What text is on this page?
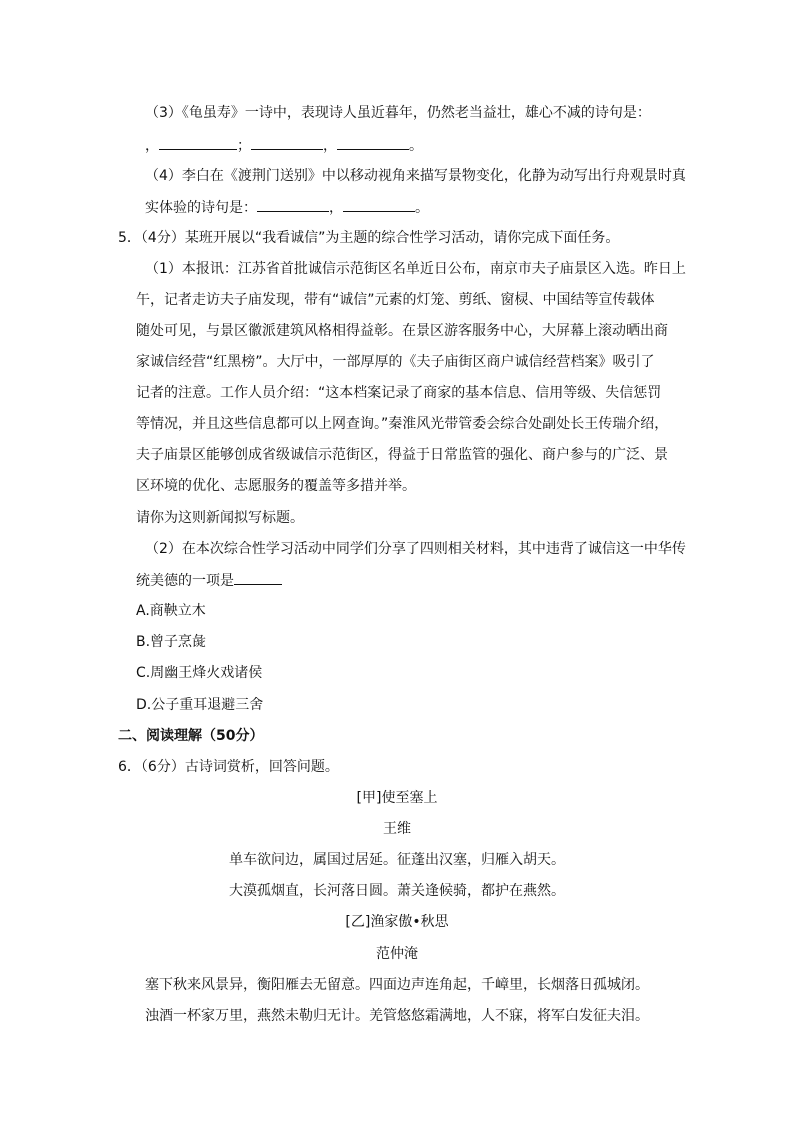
（3）《龟虽寿》一诗中，表现诗人虽近暮年，仍然老当益壮，雄心不减的诗句是：
，	；	，	。
（4）李白在《渡荆门送别》中以移动视角来描写景物变化，化静为动写出行舟观景时真
实体验的诗句是：	，	。
5．（4分）某班开展以“我看诚信”为主题的综合性学习活动，请你完成下面任务。
（1）本报讯：江苏省首批诚信示范街区名单近日公布，南京市夫子庙景区入选。昨日上
午，记者走访夫子庙发现，带有“诚信”元素的灯笼、剪纸、窗棂、中国结等宣传载体
随处可见，与景区徽派建筑风格相得益彰。在景区游客服务中心，大屏幕上滚动晒出商
家诚信经营“红黑榜”。大厅中，一部厚厚的《夫子庙街区商户诚信经营档案》吸引了
记者的注意。工作人员介绍：“这本档案记录了商家的基本信息、信用等级、失信惩罚
等情况，并且这些信息都可以上网查询。”秦淮风光带管委会综合处副处长王传瑞介绍，
夫子庙景区能够创成省级诚信示范街区，得益于日常监管的强化、商户参与的广泛、景
区环境的优化、志愿服务的覆盖等多措并举。
请你为这则新闻拟写标题。
（2）在本次综合性学习活动中同学们分享了四则相关材料，其中违背了诚信这一中华传
统美德的一项是
A.商鞅立木
B.曾子烹彘
C.周幽王烽火戏诸侯
D.公子重耳退避三舍
二、阅读理解（50分）
6．（6分）古诗词赏析，回答问题。
[甲]使至塞上
王维
单车欲问边，属国过居延。征蓬出汉塞，归雁入胡天。
大漠孤烟直，长河落日圆。萧关逢候骑，都护在燕然。
[乙]渔家傲•秋思
范仲淹
塞下秋来风景异，衡阳雁去无留意。四面边声连角起，千嶂里，长烟落日孤城闭。
浊酒一杯家万里，燕然未勒归无计。羌管悠悠霜满地，人不寐，将军白发征夫泪。
